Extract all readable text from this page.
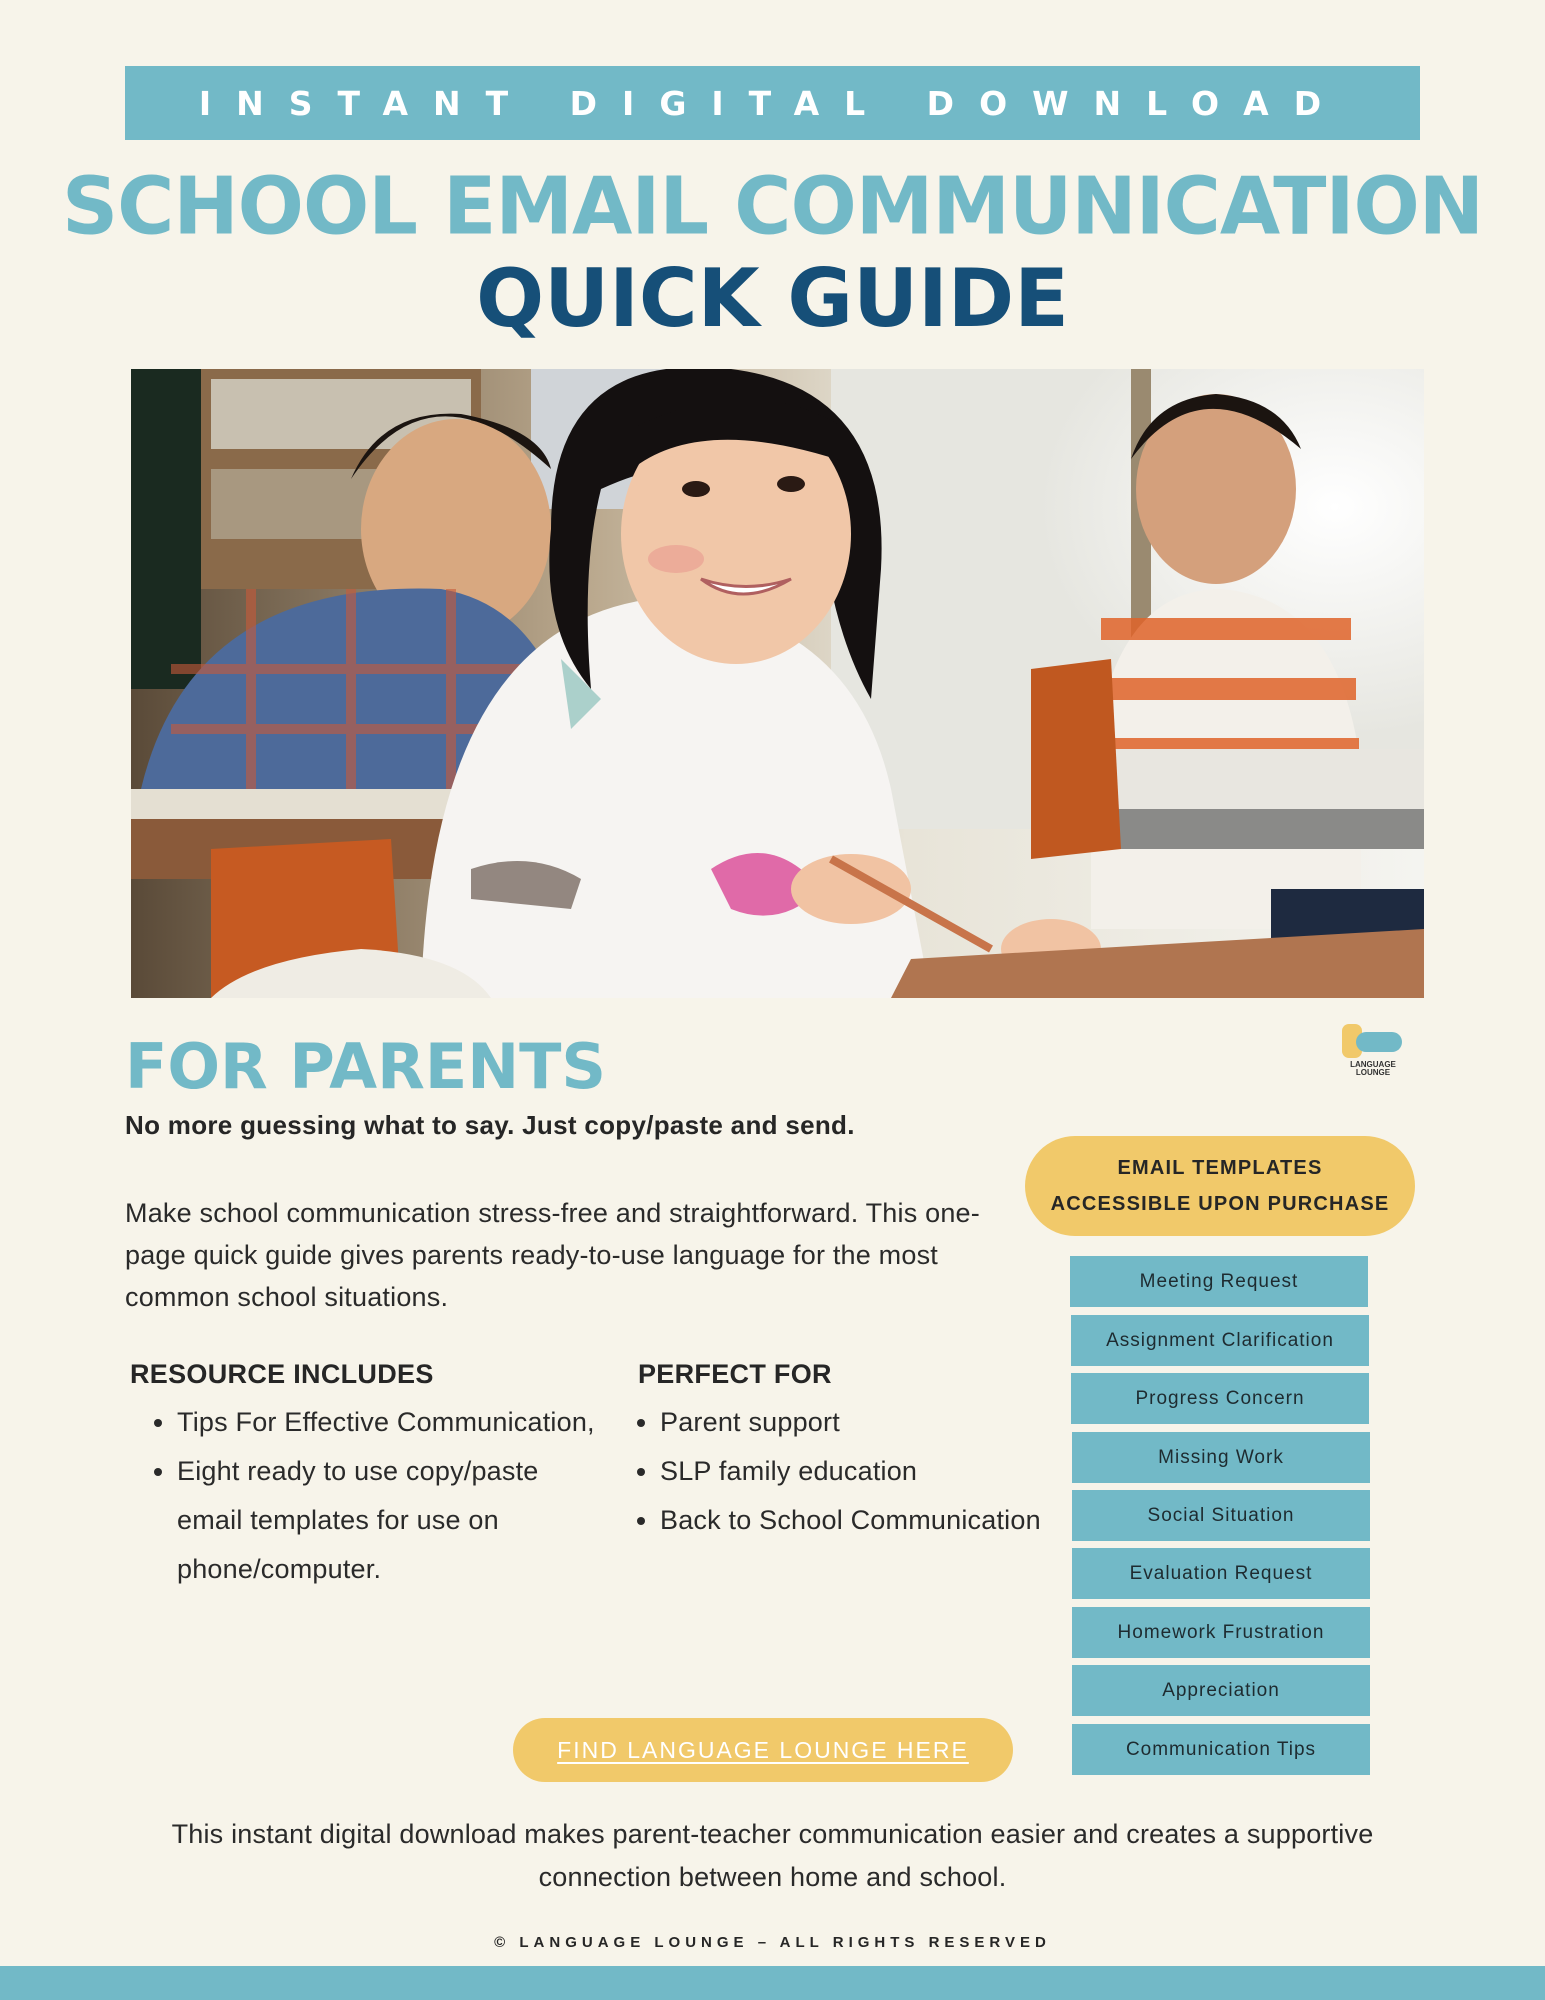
INSTANT DIGITAL DOWNLOAD
SCHOOL EMAIL COMMUNICATION
QUICK GUIDE
LANGUAGE
LOUNGE
FOR PARENTS
No more guessing what to say. Just copy/paste and send.
Make school communication stress-free and straightforward. This one-page quick guide gives parents ready-to-use language for the most common school situations.
RESOURCE INCLUDES
• Tips For Effective Communication,
• Eight ready to use copy/paste email templates for use on phone/computer.
PERFECT FOR
• Parent support
• SLP family education
• Back to School Communication
EMAIL TEMPLATES
ACCESSIBLE UPON PURCHASE
Meeting Request
Assignment Clarification
Progress Concern
Missing Work
Social Situation
Evaluation Request
Homework Frustration
Appreciation
Communication Tips
FIND LANGUAGE LOUNGE HERE
This instant digital download makes parent-teacher communication easier and creates a supportive connection between home and school.
© LANGUAGE LOUNGE – ALL RIGHTS RESERVED
